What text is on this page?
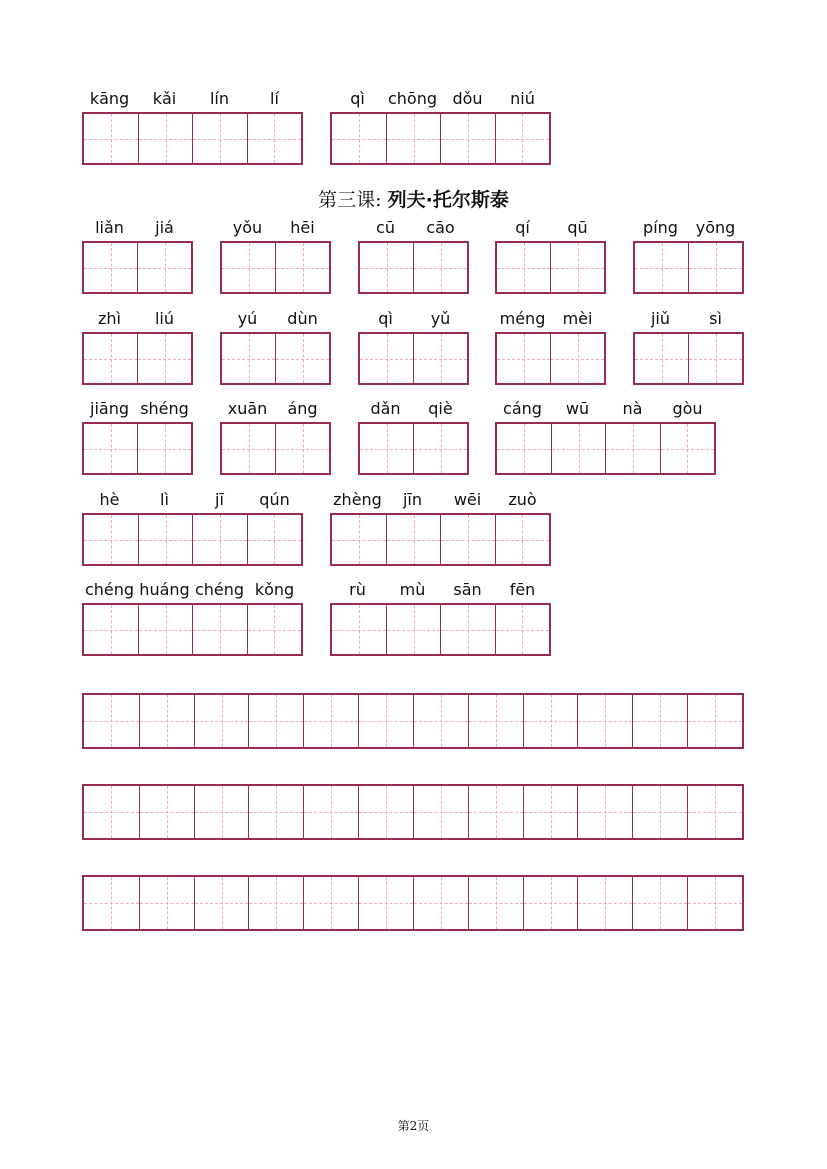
第三课: 列夫·托尔斯泰
第2页
kāng	kǎi	lín	lí	qì	chōng dǒu	niú
liǎn	jiá	yǒu	hēi	cū	cāo	qí	qū	píng	yōng
zhì	liú	yú	dùn	qì	yǔ	méng	mèi	jiǔ	sì
jiāng shéng	xuān	áng	dǎn	qiè	cáng	wū	nà	gòu
hè	lì	jī	qún	zhèng	jīn	wēi	zuò
chéng huáng chéng kǒng	rù	mù	sān	fēn
